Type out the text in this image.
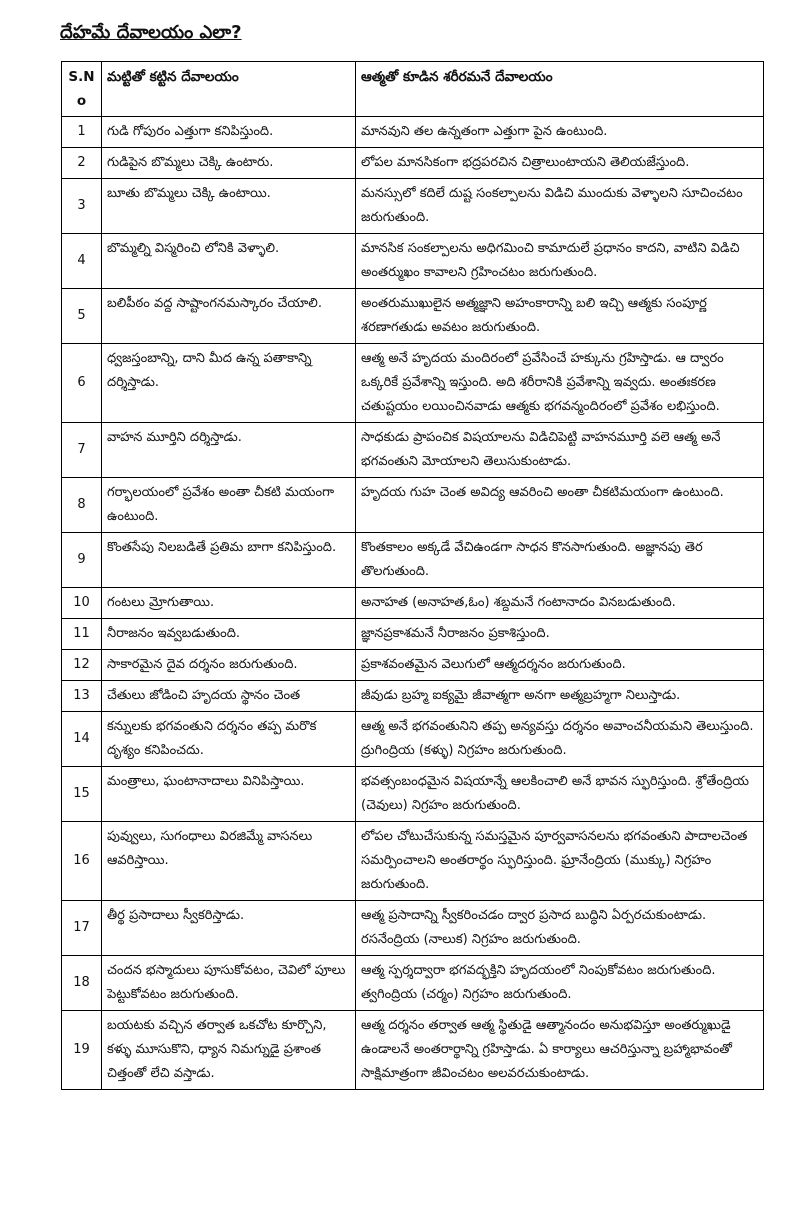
దేహమే దేవాలయం ఎలా?
S.No	మట్టితో కట్టిన దేవాలయం	ఆత్మతో కూడిన శరీరమనే దేవాలయం
1	గుడి గోపురం ఎత్తుగా కనిపిస్తుంది.	మానవుని తల ఉన్నతంగా ఎత్తుగా పైన ఉంటుంది.
2	గుడిపైన బొమ్మలు చెక్కి ఉంటారు.	లోపల మానసికంగా భద్రపరచిన చిత్రాలుంటాయని తెలియజేస్తుంది.
3	బూతు బొమ్మలు చెక్కి ఉంటాయి.	మనస్సులో కదిలే దుష్ట సంకల్పాలను విడిచి ముందుకు వెళ్ళాలని సూచించటం జరుగుతుంది.
4	బొమ్మల్ని విస్మరించి లోనికి వెళ్ళాలి.	మానసిక సంకల్పాలను అధిగమించి కామాదులే ప్రధానం కాదని, వాటిని విడిచి అంతర్ముఖం కావాలని గ్రహించటం జరుగుతుంది.
5	బలిపీఠం వద్ద సాష్టాంగనమస్కారం చేయాలి.	అంతరుముఖులైన అత్మజ్ఞాని అహంకారాన్ని బలి ఇచ్చి ఆత్మకు సంపూర్ణ శరణాగతుడు అవటం జరుగుతుంది.
6	ధ్వజస్తంబాన్ని, దాని మీద ఉన్న పతాకాన్ని దర్శిస్తాడు.	ఆత్మ అనే హృదయ మందిరంలో ప్రవేసించే హక్కును గ్రహిస్తాడు. ఆ ద్వారం ఒక్కరికే ప్రవేశాన్ని ఇస్తుంది. అది శరీరానికి ప్రవేశాన్ని ఇవ్వదు. అంతఃకరణ చతుష్టయం లయించినవాడు ఆత్మకు భగవన్మందిరంలో ప్రవేశం లభిస్తుంది.
7	వాహన మూర్తిని దర్శిస్తాడు.	సాధకుడు ప్రాపంచిక విషయాలను విడిచిపెట్టి వాహనమూర్తి వలె ఆత్మ అనే భగవంతుని మోయాలని తెలుసుకుంటాడు.
8	గర్భాలయంలో ప్రవేశం అంతా చీకటి మయంగా ఉంటుంది.	హృదయ గుహ చెంత అవిద్య ఆవరించి అంతా చీకటిమయంగా ఉంటుంది.
9	కొంతసేపు నిలబడితే ప్రతిమ బాగా కనిపిస్తుంది.	కొంతకాలం అక్కడే వేచిఉండగా సాధన కొనసాగుతుంది. అజ్ఞానపు తెర తొలగుతుంది.
10	గంటలు మ్రోగుతాయి.	అనాహత (అనాహత,ఓం) శబ్దమనే గంటానాదం వినబడుతుంది.
11	నీరాజనం ఇవ్వబడుతుంది.	జ్ఞానప్రకాశమనే నీరాజనం ప్రకాశిస్తుంది.
12	సాకారమైన దైవ దర్శనం జరుగుతుంది.	ప్రకాశవంతమైన వెలుగులో ఆత్మదర్శనం జరుగుతుంది.
13	చేతులు జోడించి హృదయ స్థానం చెంత	జీవుడు బ్రహ్మ ఐక్యమై జీవాత్మగా అనగా అత్మబ్రహ్మగా నిలుస్తాడు.
14	కన్నులకు భగవంతుని దర్శనం తప్ప మరొక దృశ్యం కనిపించదు.	ఆత్మ అనే భగవంతునిని తప్ప అన్యవస్తు దర్శనం అవాంచనీయమని తెలుస్తుంది. ద్రుగింద్రియ (కళ్ళు) నిగ్రహం జరుగుతుంది.
15	మంత్రాలు, ఘంటానాదాలు వినిపిస్తాయి.	భవత్సంబంధమైన విషయాన్నే ఆలకించాలి అనే భావన స్ఫురిస్తుంది. శ్రోతేంద్రియ (చెవులు) నిగ్రహం జరుగుతుంది.
16	పువ్వులు, సుగంధాలు విరజిమ్మే వాసనలు ఆవరిస్తాయి.	లోపల చోటుచేసుకున్న సమస్తమైన పూర్వవాసనలను భగవంతుని పాదాలచెంత సమర్పించాలని అంతరార్థం స్ఫురిస్తుంది. ఘ్రానేంద్రియ (ముక్కు) నిగ్రహం జరుగుతుంది.
17	తీర్థ ప్రసాదాలు స్వీకరిస్తాడు.	ఆత్మ ప్రసాదాన్ని స్వీకరించడం ద్వార ప్రసాద బుద్ధిని ఏర్పరచుకుంటాడు. రసనేంద్రియ (నాలుక) నిగ్రహం జరుగుతుంది.
18	చందన భస్మాదులు పూసుకోవటం, చెవిలో పూలు పెట్టుకోవటం జరుగుతుంది.	ఆత్మ స్పర్శద్వారా భగవద్భక్తిని హృదయంలో నింపుకోవటం జరుగుతుంది. త్వగింద్రియ (చర్మం) నిగ్రహం జరుగుతుంది.
19	బయటకు వచ్చిన తర్వాత ఒకచోట కూర్చొని, కళ్ళు మూసుకొని, ధ్యాన నిమగ్నుడై ప్రశాంత చిత్తంతో లేచి వస్తాడు.	ఆత్మ దర్శనం తర్వాత ఆత్మ స్థితుడై ఆత్మానందం అనుభవిస్తూ అంతర్ముఖుడై ఉండాలనే అంతరార్థాన్ని గ్రహిస్తాడు. ఏ కార్యాలు ఆచరిస్తున్నా బ్రహ్మాభావంతో సాక్షిమాత్రంగా జీవించటం అలవరచుకుంటాడు.
